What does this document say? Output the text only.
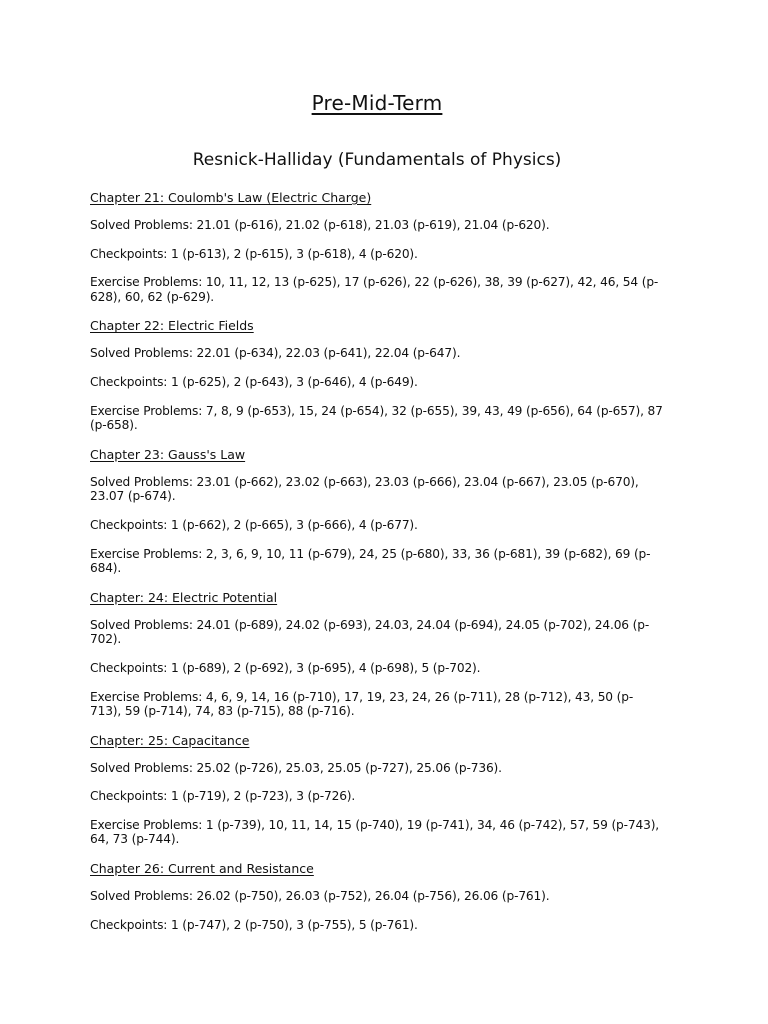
Pre-Mid-Term
Resnick-Halliday (Fundamentals of Physics)

Chapter 21: Coulomb's Law (Electric Charge)

Solved Problems: 21.01 (p-616), 21.02 (p-618), 21.03 (p-619), 21.04 (p-620).

Checkpoints: 1 (p-613), 2 (p-615), 3 (p-618), 4 (p-620).

Exercise Problems: 10, 11, 12, 13 (p-625), 17 (p-626), 22 (p-626), 38, 39 (p-627), 42, 46, 54 (p-628), 60, 62 (p-629).

Chapter 22: Electric Fields

Solved Problems: 22.01 (p-634), 22.03 (p-641), 22.04 (p-647).

Checkpoints: 1 (p-625), 2 (p-643), 3 (p-646), 4 (p-649).

Exercise Problems: 7, 8, 9 (p-653), 15, 24 (p-654), 32 (p-655), 39, 43, 49 (p-656), 64 (p-657), 87 (p-658).

Chapter 23: Gauss's Law

Solved Problems: 23.01 (p-662), 23.02 (p-663), 23.03 (p-666), 23.04 (p-667), 23.05 (p-670), 23.07 (p-674).

Checkpoints: 1 (p-662), 2 (p-665), 3 (p-666), 4 (p-677).

Exercise Problems: 2, 3, 6, 9, 10, 11 (p-679), 24, 25 (p-680), 33, 36 (p-681), 39 (p-682), 69 (p-684).

Chapter: 24: Electric Potential

Solved Problems: 24.01 (p-689), 24.02 (p-693), 24.03, 24.04 (p-694), 24.05 (p-702), 24.06 (p-702).

Checkpoints: 1 (p-689), 2 (p-692), 3 (p-695), 4 (p-698), 5 (p-702).

Exercise Problems: 4, 6, 9, 14, 16 (p-710), 17, 19, 23, 24, 26 (p-711), 28 (p-712), 43, 50 (p-713), 59 (p-714), 74, 83 (p-715), 88 (p-716).

Chapter: 25: Capacitance

Solved Problems: 25.02 (p-726), 25.03, 25.05 (p-727), 25.06 (p-736).

Checkpoints: 1 (p-719), 2 (p-723), 3 (p-726).

Exercise Problems: 1 (p-739), 10, 11, 14, 15 (p-740), 19 (p-741), 34, 46 (p-742), 57, 59 (p-743), 64, 73 (p-744).

Chapter 26: Current and Resistance

Solved Problems: 26.02 (p-750), 26.03 (p-752), 26.04 (p-756), 26.06 (p-761).

Checkpoints: 1 (p-747), 2 (p-750), 3 (p-755), 5 (p-761).
